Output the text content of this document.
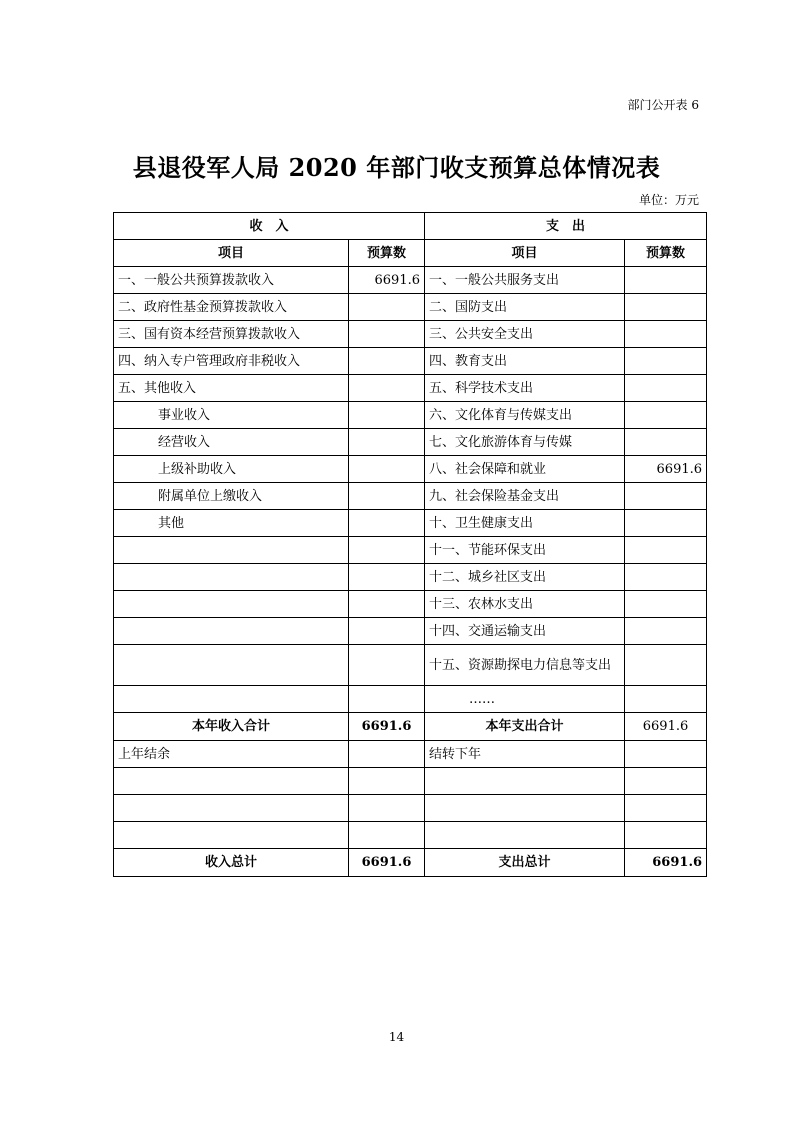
部门公开表 6
县退役军人局 2020 年部门收支预算总体情况表
单位：万元
收　入		支　出	
项目	预算数	项目	预算数
一、一般公共预算拨款收入	6691.6	一、一般公共服务支出	
二、政府性基金预算拨款收入		二、国防支出	
三、国有资本经营预算拨款收入		三、公共安全支出	
四、纳入专户管理政府非税收入		四、教育支出	
五、其他收入		五、科学技术支出	
事业收入		六、文化体育与传媒支出	
经营收入		七、文化旅游体育与传媒	
上级补助收入		八、社会保障和就业	6691.6
附属单位上缴收入		九、社会保险基金支出	
其他		十、卫生健康支出	
		十一、节能环保支出	
		十二、城乡社区支出	
		十三、农林水支出	
		十四、交通运输支出	
		十五、资源勘探电力信息等支出	
		……	
本年收入合计	6691.6	本年支出合计	6691.6
上年结余		结转下年	

收入总计	6691.6	支出总计	6691.6
14
